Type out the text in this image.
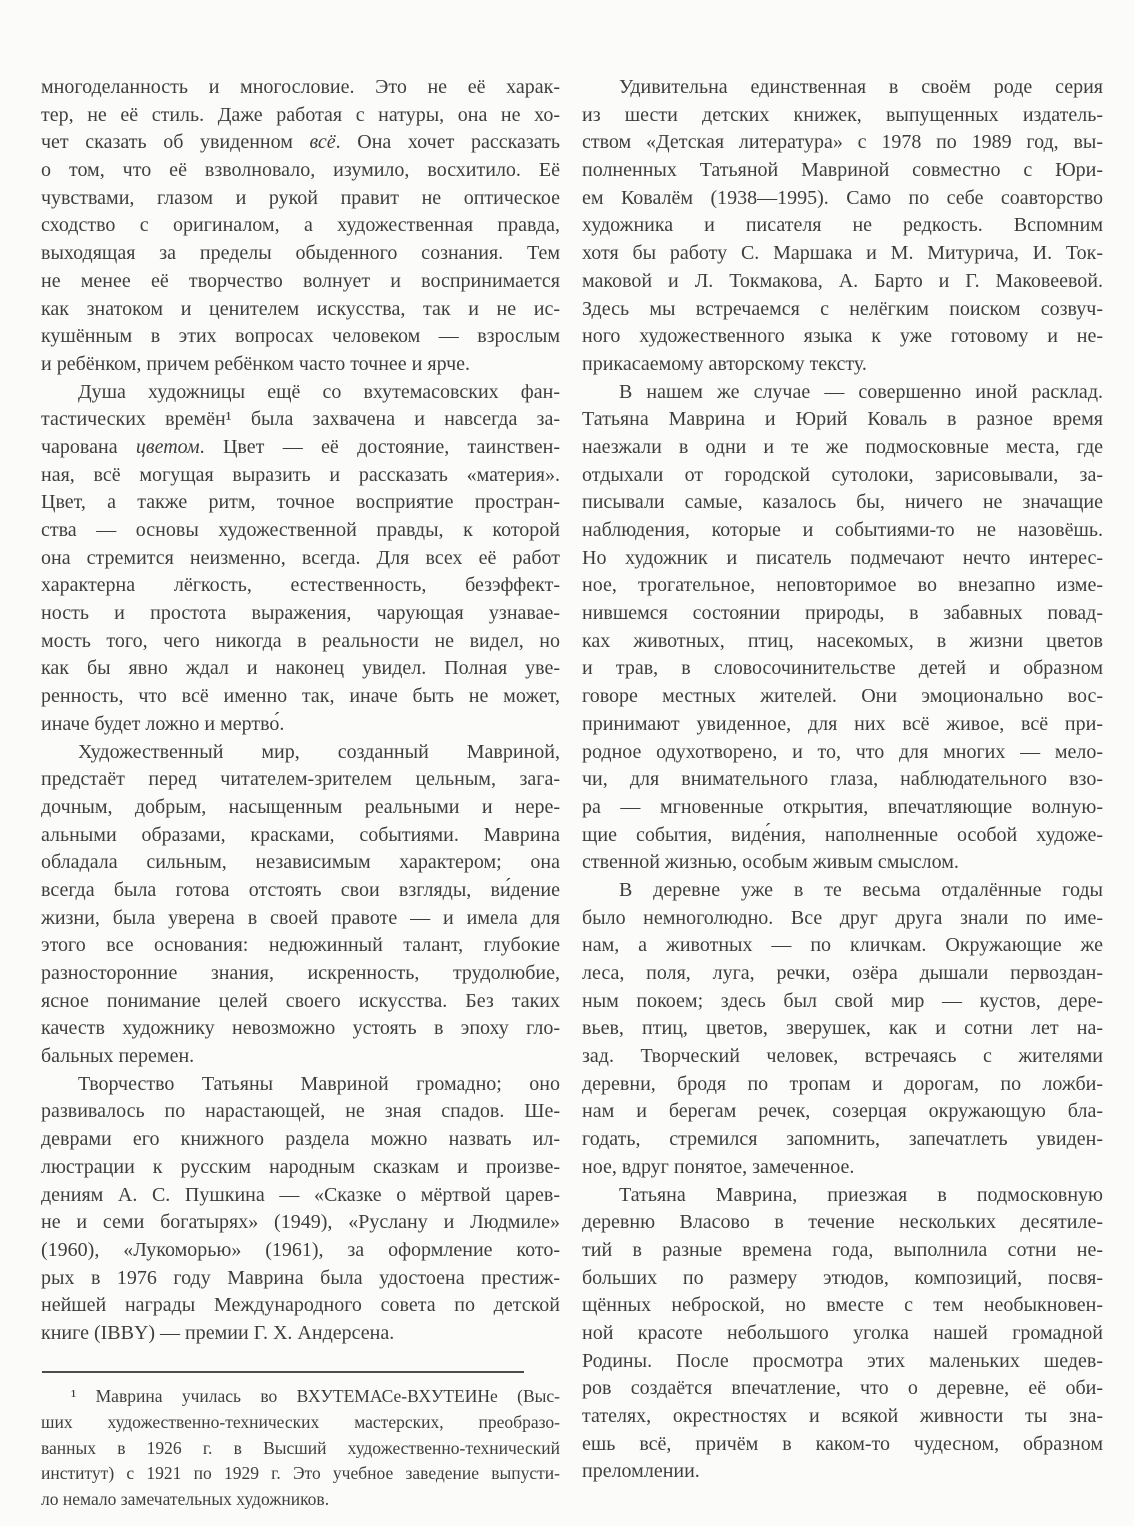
многоделанность и многословие. Это не её харак-
тер, не её стиль. Даже работая с натуры, она не хо-
чет сказать об увиденном всё. Она хочет рассказать
о том, что её взволновало, изумило, восхитило. Её
чувствами, глазом и рукой правит не оптическое
сходство с оригиналом, а художественная правда,
выходящая за пределы обыденного сознания. Тем
не менее её творчество волнует и воспринимается
как знатоком и ценителем искусства, так и не ис-
кушённым в этих вопросах человеком — взрослым
и ребёнком, причем ребёнком часто точнее и ярче.
Душа художницы ещё со вхутемасовских фан-
тастических времён¹ была захвачена и навсегда за-
чарована цветом. Цвет — её достояние, таинствен-
ная, всё могущая выразить и рассказать «материя».
Цвет, а также ритм, точное восприятие простран-
ства — основы художественной правды, к которой
она стремится неизменно, всегда. Для всех её работ
характерна лёгкость, естественность, безэффект-
ность и простота выражения, чарующая узнавае-
мость того, чего никогда в реальности не видел, но
как бы явно ждал и наконец увидел. Полная уве-
ренность, что всё именно так, иначе быть не может,
иначе будет ложно и мертво́.
Художественный мир, созданный Мавриной,
предстаёт перед читателем-зрителем цельным, зага-
дочным, добрым, насыщенным реальными и нере-
альными образами, красками, событиями. Маврина
обладала сильным, независимым характером; она
всегда была готова отстоять свои взгляды, ви́дение
жизни, была уверена в своей правоте — и имела для
этого все основания: недюжинный талант, глубокие
разносторонние знания, искренность, трудолюбие,
ясное понимание целей своего искусства. Без таких
качеств художнику невозможно устоять в эпоху гло-
бальных перемен.
Творчество Татьяны Мавриной громадно; оно
развивалось по нарастающей, не зная спадов. Ше-
деврами его книжного раздела можно назвать ил-
люстрации к русским народным сказкам и произве-
дениям А. С. Пушкина — «Сказке о мёртвой царев-
не и семи богатырях» (1949), «Руслану и Людмиле»
(1960), «Лукоморью» (1961), за оформление кото-
рых в 1976 году Маврина была удостоена престиж-
нейшей награды Международного совета по детской
книге (IBBY) — премии Г. Х. Андерсена.
Удивительна единственная в своём роде серия
из шести детских книжек, выпущенных издатель-
ством «Детская литература» с 1978 по 1989 год, вы-
полненных Татьяной Мавриной совместно с Юри-
ем Ковалём (1938—1995). Само по себе соавторство
художника и писателя не редкость. Вспомним
хотя бы работу С. Маршака и М. Митурича, И. Ток-
маковой и Л. Токмакова, А. Барто и Г. Маковеевой.
Здесь мы встречаемся с нелёгким поиском созвуч-
ного художественного языка к уже готовому и не-
прикасаемому авторскому тексту.
В нашем же случае — совершенно иной расклад.
Татьяна Маврина и Юрий Коваль в разное время
наезжали в одни и те же подмосковные места, где
отдыхали от городской сутолоки, зарисовывали, за-
писывали самые, казалось бы, ничего не значащие
наблюдения, которые и событиями-то не назовёшь.
Но художник и писатель подмечают нечто интерес-
ное, трогательное, неповторимое во внезапно изме-
нившемся состоянии природы, в забавных повад-
ках животных, птиц, насекомых, в жизни цветов
и трав, в словосочинительстве детей и образном
говоре местных жителей. Они эмоционально вос-
принимают увиденное, для них всё живое, всё при-
родное одухотворено, и то, что для многих — мело-
чи, для внимательного глаза, наблюдательного взо-
ра — мгновенные открытия, впечатляющие волную-
щие события, виде́ния, наполненные особой художе-
ственной жизнью, особым живым смыслом.
В деревне уже в те весьма отдалённые годы
было немноголюдно. Все друг друга знали по име-
нам, а животных — по кличкам. Окружающие же
леса, поля, луга, речки, озёра дышали первоздан-
ным покоем; здесь был свой мир — кустов, дере-
вьев, птиц, цветов, зверушек, как и сотни лет на-
зад. Творческий человек, встречаясь с жителями
деревни, бродя по тропам и дорогам, по ложби-
нам и берегам речек, созерцая окружающую бла-
годать, стремился запомнить, запечатлеть увиден-
ное, вдруг понятое, замеченное.
Татьяна Маврина, приезжая в подмосковную
деревню Власово в течение нескольких десятиле-
тий в разные времена года, выполнила сотни не-
больших по размеру этюдов, композиций, посвя-
щённых неброской, но вместе с тем необыкновен-
ной красоте небольшого уголка нашей громадной
Родины. После просмотра этих маленьких шедев-
ров создаётся впечатление, что о деревне, её оби-
тателях, окрестностях и всякой живности ты зна-
ешь всё, причём в каком-то чудесном, образном
преломлении.
¹ Маврина училась во ВХУТЕМАСе-ВХУТЕИНе (Выс-
ших художественно-технических мастерских, преобразо-
ванных в 1926 г. в Высший художественно-технический
институт) с 1921 по 1929 г. Это учебное заведение выпусти-
ло немало замечательных художников.
